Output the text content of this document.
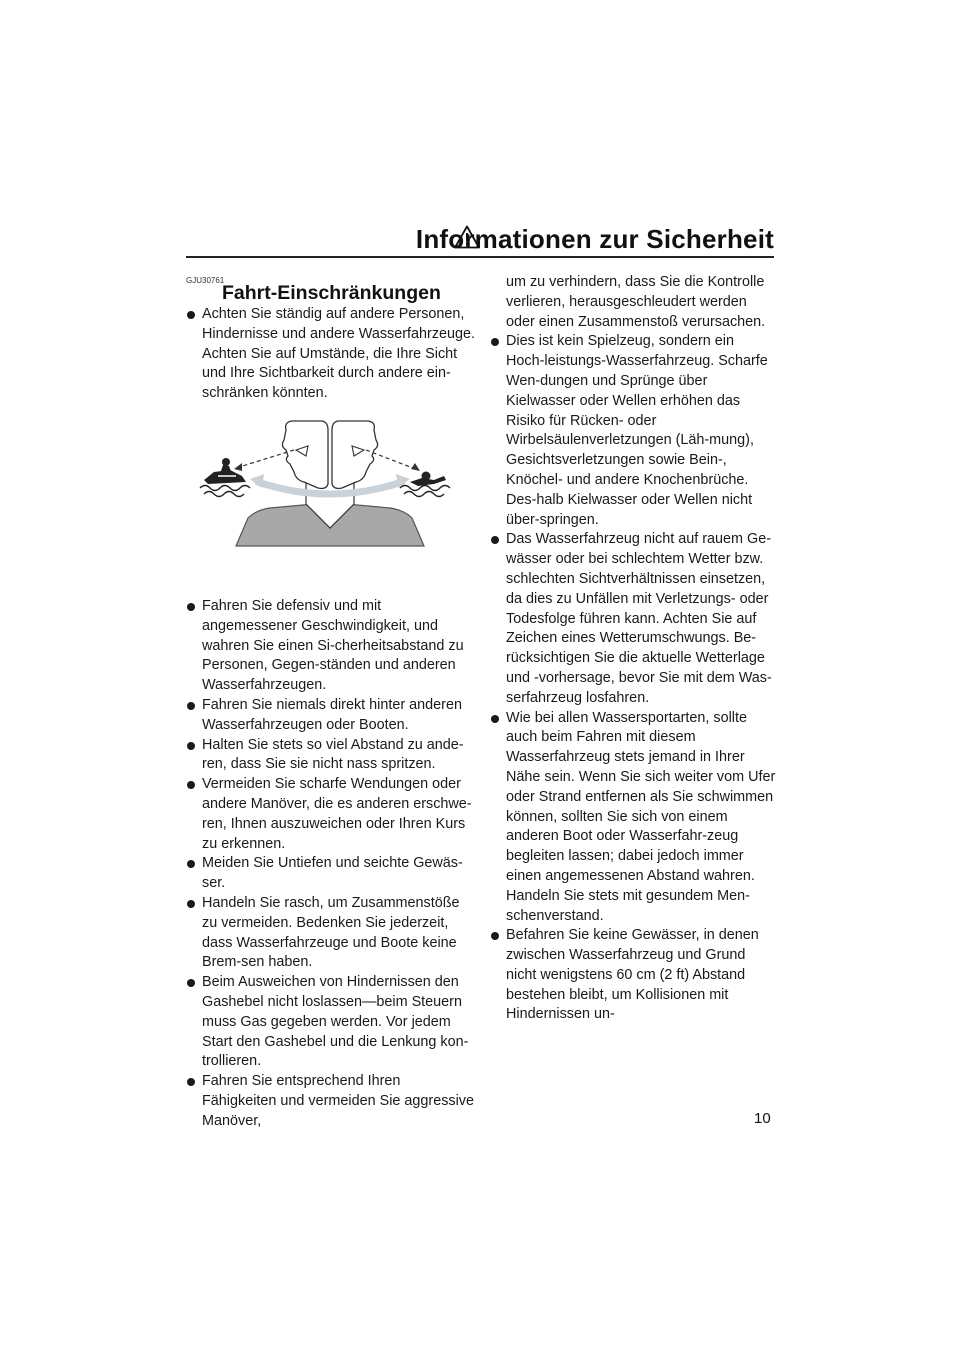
Informationen zur Sicherheit
GJU30761
Fahrt-Einschränkungen
Achten Sie ständig auf andere Personen, Hindernisse und andere Wasserfahrzeuge. Achten Sie auf Umstände, die Ihre Sicht und Ihre Sichtbarkeit durch andere ein-schränken könnten.
Fahren Sie defensiv und mit angemessener Geschwindigkeit, und wahren Sie einen Si-cherheitsabstand zu Personen, Gegen-ständen und anderen Wasserfahrzeugen.
Fahren Sie niemals direkt hinter anderen Wasserfahrzeugen oder Booten.
Halten Sie stets so viel Abstand zu ande-ren, dass Sie sie nicht nass spritzen.
Vermeiden Sie scharfe Wendungen oder andere Manöver, die es anderen erschwe-ren, Ihnen auszuweichen oder Ihren Kurs zu erkennen.
Meiden Sie Untiefen und seichte Gewäs-ser.
Handeln Sie rasch, um Zusammenstöße zu vermeiden. Bedenken Sie jederzeit, dass Wasserfahrzeuge und Boote keine Brem-sen haben.
Beim Ausweichen von Hindernissen den Gashebel nicht loslassen—beim Steuern muss Gas gegeben werden. Vor jedem Start den Gashebel und die Lenkung kon-trollieren.
Fahren Sie entsprechend Ihren Fähigkeiten und vermeiden Sie aggressive Manöver,
um zu verhindern, dass Sie die Kontrolle verlieren, herausgeschleudert werden oder einen Zusammenstoß verursachen.
Dies ist kein Spielzeug, sondern ein Hoch-leistungs-Wasserfahrzeug. Scharfe Wen-dungen und Sprünge über Kielwasser oder Wellen erhöhen das Risiko für Rücken- oder Wirbelsäulenverletzungen (Läh-mung), Gesichtsverletzungen sowie Bein-, Knöchel- und andere Knochenbrüche. Des-halb Kielwasser oder Wellen nicht über-springen.
Das Wasserfahrzeug nicht auf rauem Ge-wässer oder bei schlechtem Wetter bzw. schlechten Sichtverhältnissen einsetzen, da dies zu Unfällen mit Verletzungs- oder Todesfolge führen kann. Achten Sie auf Zeichen eines Wetterumschwungs. Be-rücksichtigen Sie die aktuelle Wetterlage und -vorhersage, bevor Sie mit dem Was-serfahrzeug losfahren.
Wie bei allen Wassersportarten, sollte auch beim Fahren mit diesem Wasserfahrzeug stets jemand in Ihrer Nähe sein. Wenn Sie sich weiter vom Ufer oder Strand entfernen als Sie schwimmen können, sollten Sie sich von einem anderen Boot oder Wasserfahr-zeug begleiten lassen; dabei jedoch immer einen angemessenen Abstand wahren. Handeln Sie stets mit gesundem Men-schenverstand.
Befahren Sie keine Gewässer, in denen zwischen Wasserfahrzeug und Grund nicht wenigstens 60 cm (2 ft) Abstand bestehen bleibt, um Kollisionen mit Hindernissen un-
10
